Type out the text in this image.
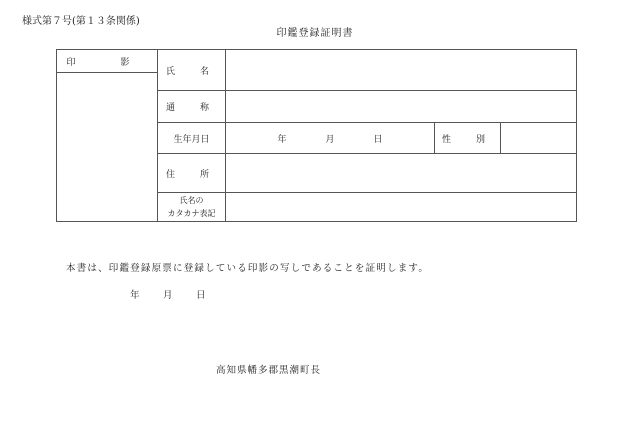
様式第７号(第１３条関係)
印鑑登録証明書
印　影	氏　名			

	通　称			
	生年月日	年 月 日	性　別	
	住　所			

	氏名の
カタカナ表記			

本書は、印鑑登録原票に登録している印影の写しであることを証明します。
年 月 日
高知県幡多郡黒潮町長
